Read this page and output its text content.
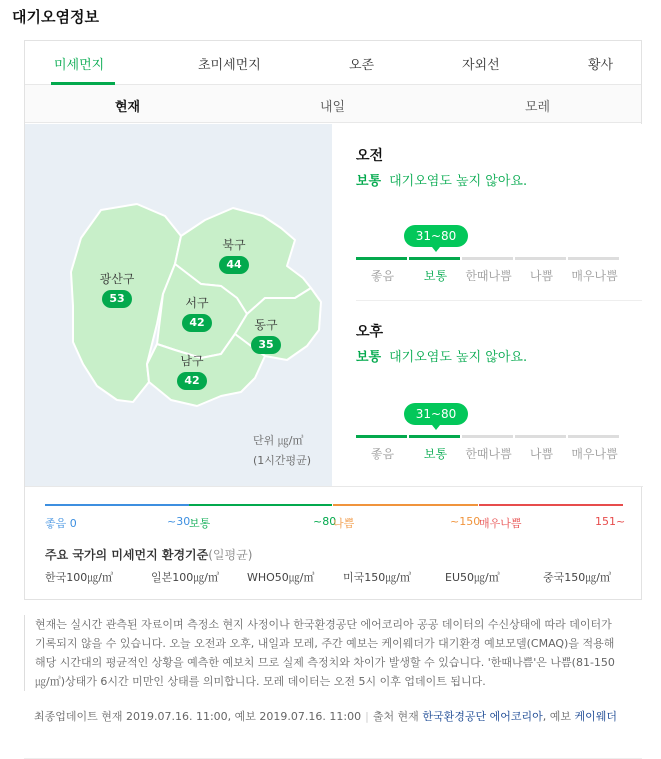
대기오염정보
미세먼지	초미세먼지	오존	자외선	황사
현재	내일	모레
광산구
53
북구
44
서구
42	동구
35
남구
42
단위 ㎍/㎥
(1시간평균)
오전
보통 대기오염도 높지 않아요.
31~80
좋음	보통	한때나쁨	나쁨	매우나쁨
오후
보통 대기오염도 높지 않아요.
31~80
좋음	보통	한때나쁨	나쁨	매우나쁨
좋음 0	~30
보통	~80
나쁨	~150
매우나쁨	151~
주요 국가의 미세먼지 환경기준(일평균)
한국100㎍/㎥	일본100㎍/㎥	WHO50㎍/㎥	미국150㎍/㎥	EU50㎍/㎥	중국150㎍/㎥
현재는 실시간 관측된 자료이며 측정소 현지 사정이나 한국환경공단 에어코리아 공공 데이터의 수신상태에 따라 데이터가 기록되지 않을 수 있습니다. 오늘 오전과 오후, 내일과 모레, 주간 예보는 케이웨더가 대기환경 예보모델(CMAQ)을 적용해 해당 시간대의 평균적인 상황을 예측한 예보치 므로 실제 측정치와 차이가 발생할 수 있습니다. '한때나쁨'은 나쁨(81-150㎍/㎥)상태가 6시간 미만인 상태를 의미합니다. 모레 데이터는 오전 5시 이후 업데이트 됩니다.
최종업데이트 현재 2019.07.16. 11:00, 예보 2019.07.16. 11:00 | 출처 현재 한국환경공단 에어코리아, 예보 케이웨더
